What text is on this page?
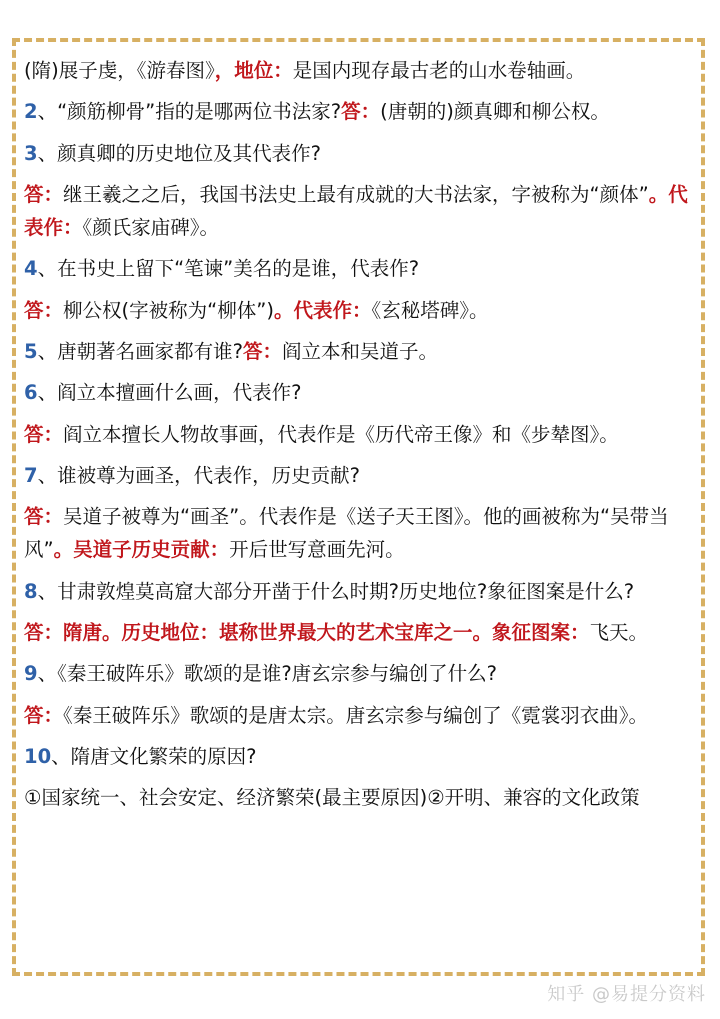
(隋)展子虔，《游春图》，地位：是国内现存最古老的山水卷轴画。

2、“颜筋柳骨”指的是哪两位书法家?答：(唐朝的)颜真卿和柳公权。

3、颜真卿的历史地位及其代表作?

答：继王羲之之后，我国书法史上最有成就的大书法家，字被称为“颜体”。代表作：《颜氏家庙碑》。

4、在书史上留下“笔谏”美名的是谁，代表作?

答：柳公权(字被称为“柳体”)。代表作：《玄秘塔碑》。

5、唐朝著名画家都有谁?答：阎立本和吴道子。

6、阎立本擅画什么画，代表作?

答：阎立本擅长人物故事画，代表作是《历代帝王像》和《步辇图》。

7、谁被尊为画圣，代表作，历史贡献?

答：吴道子被尊为“画圣”。代表作是《送子天王图》。他的画被称为“吴带当风”。吴道子历史贡献：开后世写意画先河。

8、甘肃敦煌莫高窟大部分开凿于什么时期?历史地位?象征图案是什么?

答：隋唐。历史地位：堪称世界最大的艺术宝库之一。象征图案：飞天。

9、《秦王破阵乐》歌颂的是谁?唐玄宗参与编创了什么?

答：《秦王破阵乐》歌颂的是唐太宗。唐玄宗参与编创了《霓裳羽衣曲》。

10、隋唐文化繁荣的原因?

①国家统一、社会安定、经济繁荣(最主要原因)②开明、兼容的文化政策

知乎 @易提分资料
